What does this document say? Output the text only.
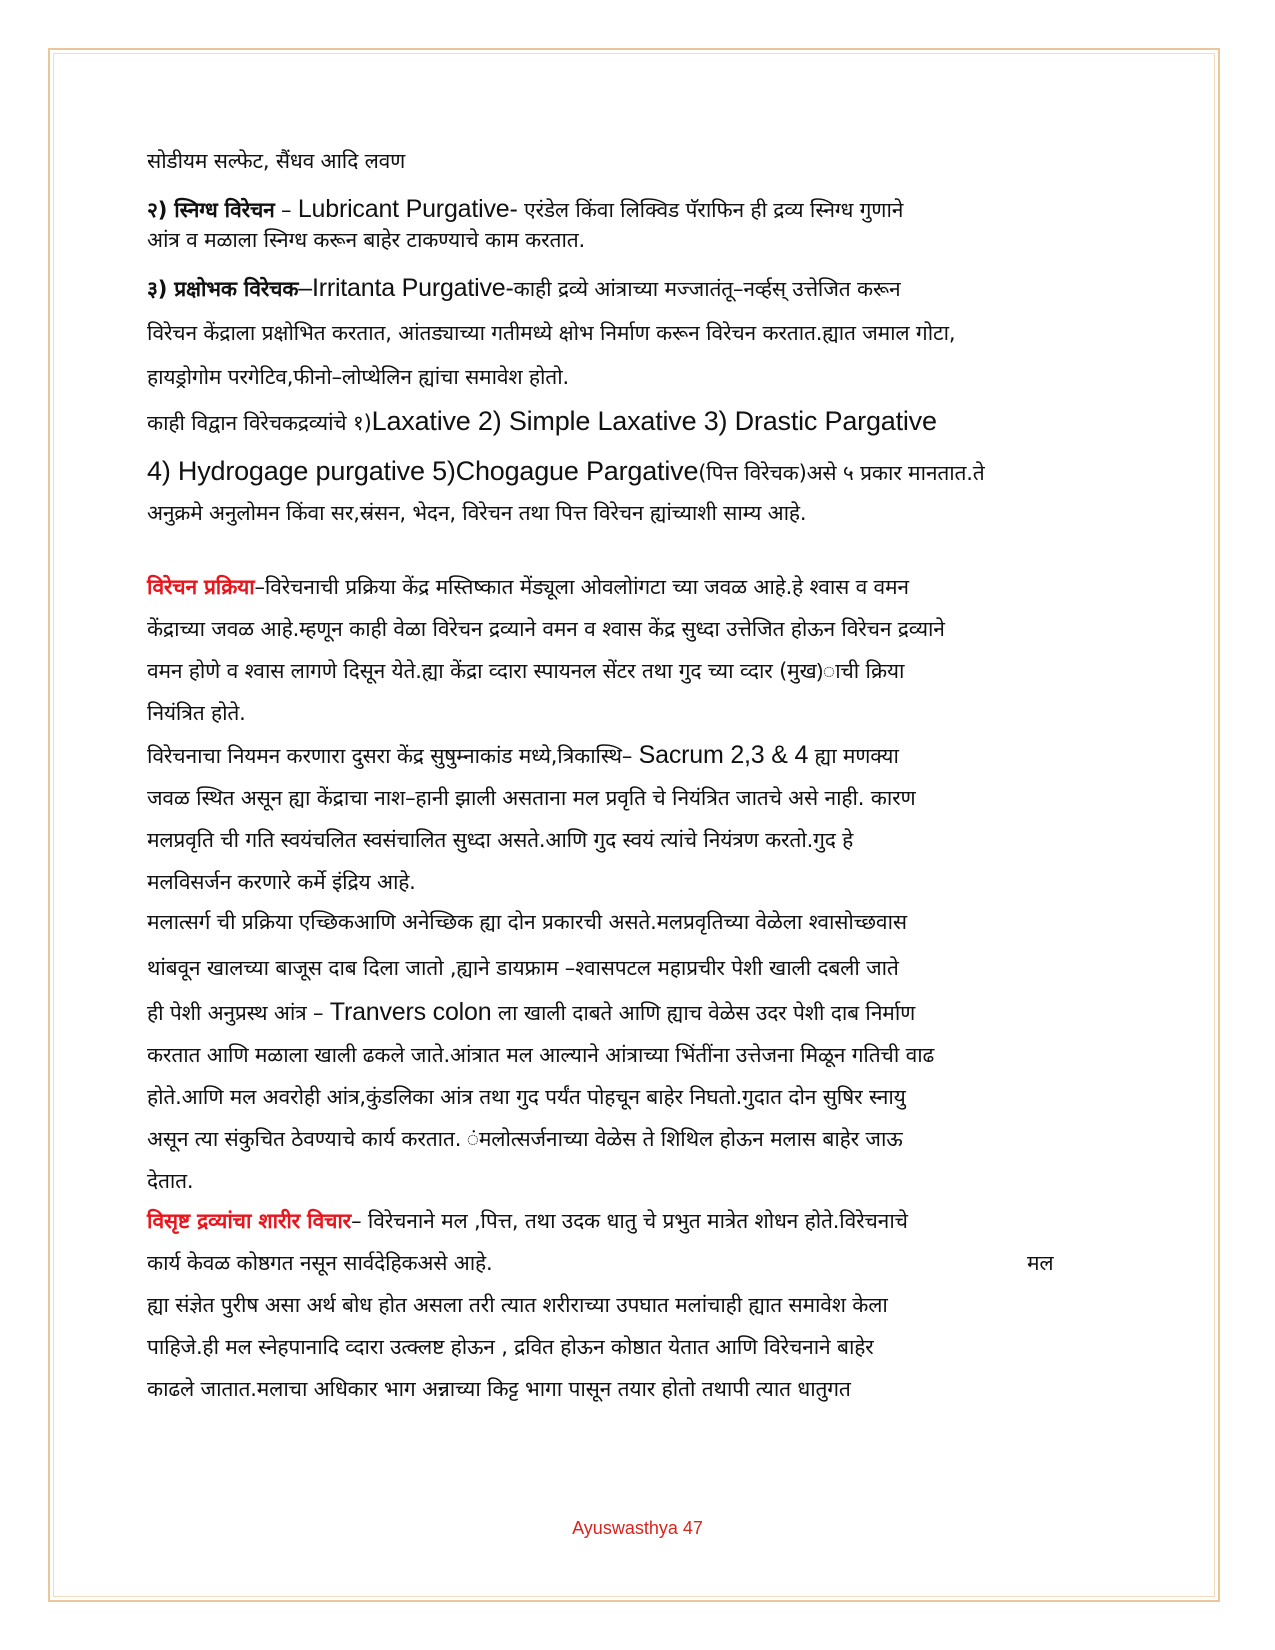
सोडीयम सल्फेट, सैंधव आदि लवण
२) स्निग्ध विरेचन – Lubricant Purgative- एरंडेल किंवा लिक्विड पॅराफिन ही द्रव्य स्निग्ध गुणाने
आंत्र व मळाला स्निग्ध करून बाहेर टाकण्याचे काम करतात.
३) प्रक्षोभक विरेचक–Irritanta Purgative-काही द्रव्ये आंत्राच्या मज्जातंतू–नर्व्हस् उत्तेजित करून
विरेचन केंद्राला प्रक्षोभित करतात, आंतड्याच्या गतीमध्ये क्षोभ निर्माण करून विरेचन करतात.ह्यात जमाल गोटा,
हायड्रोगोम परगेटिव,फीनो–लोप्थेलिन ह्यांचा समावेश होतो.
काही विद्वान विरेचकद्रव्यांचे १)Laxative 2) Simple Laxative 3) Drastic Pargative
4) Hydrogage purgative 5)Chogague Pargative(पित्त विरेचक)असे ५ प्रकार मानतात.ते
अनुक्रमे अनुलोमन किंवा सर,स्रंसन, भेदन, विरेचन तथा पित्त विरेचन ह्यांच्याशी साम्य आहे.
विरेचन प्रक्रिया–विरेचनाची प्रक्रिया केंद्र मस्तिष्कात मेंड्यूला ओवलोांगटा च्या जवळ आहे.हे श्वास व वमन
केंद्राच्या जवळ आहे.म्हणून काही वेळा विरेचन द्रव्याने वमन व श्वास केंद्र सुध्दा उत्तेजित होऊन विरेचन द्रव्याने
वमन होणे व श्वास लागणे दिसून येते.ह्या केंद्रा व्दारा स्पायनल सेंटर तथा गुद च्या व्दार (मुख)ाची क्रिया
नियंत्रित होते.
विरेचनाचा नियमन करणारा दुसरा केंद्र सुषुम्नाकांड मध्ये,त्रिकास्थि– Sacrum 2,3 & 4 ह्या मणक्या
जवळ स्थित असून ह्या केंद्राचा नाश–हानी झाली असताना मल प्रवृति चे नियंत्रित जातचे असे नाही. कारण
मलप्रवृति ची गति स्वयंचलित स्वसंचालित सुध्दा असते.आणि गुद स्वयं त्यांचे नियंत्रण करतो.गुद हे
मलविसर्जन करणारे कर्मे इंद्रिय आहे.
मलात्सर्ग ची प्रक्रिया एच्छिकआणि अनेच्छिक ह्या दोन प्रकारची असते.मलप्रवृतिच्या वेळेला श्वासोच्छवास
थांबवून खालच्या बाजूस दाब दिला जातो ,ह्याने डायफ्राम –श्वासपटल महाप्रचीर पेशी खाली दबली जाते
ही पेशी अनुप्रस्थ आंत्र – Tranvers colon ला खाली दाबते आणि ह्याच वेळेस उदर पेशी दाब निर्माण
करतात आणि मळाला खाली ढकले जाते.आंत्रात मल आल्याने आंत्राच्या भिंतींना उत्तेजना मिळून गतिची वाढ
होते.आणि मल अवरोही आंत्र,कुंडलिका आंत्र तथा गुद पर्यंत पोहचून बाहेर निघतो.गुदात दोन सुषिर स्नायु
असून त्या संकुचित ठेवण्याचे कार्य करतात. ंमलोत्सर्जनाच्या वेळेस ते शिथिल होऊन मलास बाहेर जाऊ
देतात.
विसृष्ट द्रव्यांचा शारीर विचार– विरेचनाने मल ,पित्त, तथा उदक धातु चे प्रभुत मात्रेत शोधन होते.विरेचनाचे
कार्य केवळ कोष्ठगत नसून सार्वदेहिकअसे आहे.	मल
ह्या संज्ञेत पुरीष असा अर्थ बोध होत असला तरी त्यात शरीराच्या उपघात मलांचाही ह्यात समावेश केला
पाहिजे.ही मल स्नेहपानादि व्दारा उत्क्लष्ट होऊन , द्रवित होऊन कोष्ठात येतात आणि विरेचनाने बाहेर
काढले जातात.मलाचा अधिकार भाग अन्नाच्या किट्ट भागा पासून तयार होतो तथापी त्यात धातुगत
Ayuswasthya 47
